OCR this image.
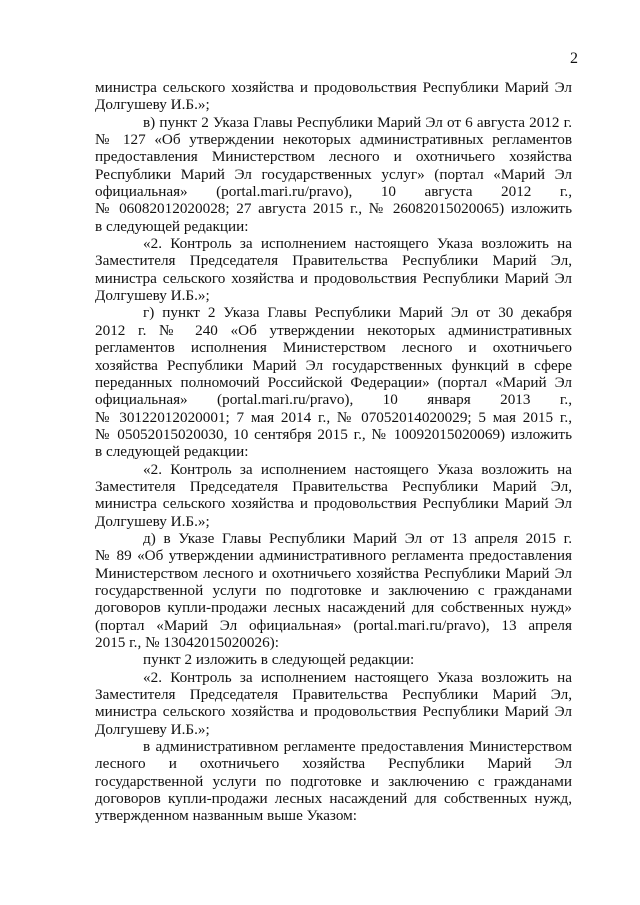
2
министра сельского хозяйства и продовольствия Республики Марий Эл
Долгушеву И.Б.»;
в) пункт 2 Указа Главы Республики Марий Эл от 6 августа 2012 г.
№ 127 «Об утверждении некоторых административных регламентов
предоставления Министерством лесного и охотничьего хозяйства
Республики Марий Эл государственных услуг» (портал «Марий Эл
официальная» (portal.mari.ru/pravo), 10 августа 2012 г.,
№ 06082012020028; 27 августа 2015 г., № 26082015020065) изложить
в следующей редакции:
«2. Контроль за исполнением настоящего Указа возложить на
Заместителя Председателя Правительства Республики Марий Эл,
министра сельского хозяйства и продовольствия Республики Марий Эл
Долгушеву И.Б.»;
г) пункт 2 Указа Главы Республики Марий Эл от 30 декабря
2012 г. № 240 «Об утверждении некоторых административных
регламентов исполнения Министерством лесного и охотничьего
хозяйства Республики Марий Эл государственных функций в сфере
переданных полномочий Российской Федерации» (портал «Марий Эл
официальная» (portal.mari.ru/pravo), 10 января 2013 г.,
№ 30122012020001; 7 мая 2014 г., № 07052014020029; 5 мая 2015 г.,
№ 05052015020030, 10 сентября 2015 г., № 10092015020069) изложить
в следующей редакции:
«2. Контроль за исполнением настоящего Указа возложить на
Заместителя Председателя Правительства Республики Марий Эл,
министра сельского хозяйства и продовольствия Республики Марий Эл
Долгушеву И.Б.»;
д) в Указе Главы Республики Марий Эл от 13 апреля 2015 г.
№ 89 «Об утверждении административного регламента предоставления
Министерством лесного и охотничьего хозяйства Республики Марий Эл
государственной услуги по подготовке и заключению с гражданами
договоров купли-продажи лесных насаждений для собственных нужд»
(портал «Марий Эл официальная» (portal.mari.ru/pravo), 13 апреля
2015 г., № 13042015020026):
пункт 2 изложить в следующей редакции:
«2. Контроль за исполнением настоящего Указа возложить на
Заместителя Председателя Правительства Республики Марий Эл,
министра сельского хозяйства и продовольствия Республики Марий Эл
Долгушеву И.Б.»;
в административном регламенте предоставления Министерством
лесного и охотничьего хозяйства Республики Марий Эл
государственной услуги по подготовке и заключению с гражданами
договоров купли-продажи лесных насаждений для собственных нужд,
утвержденном названным выше Указом:
